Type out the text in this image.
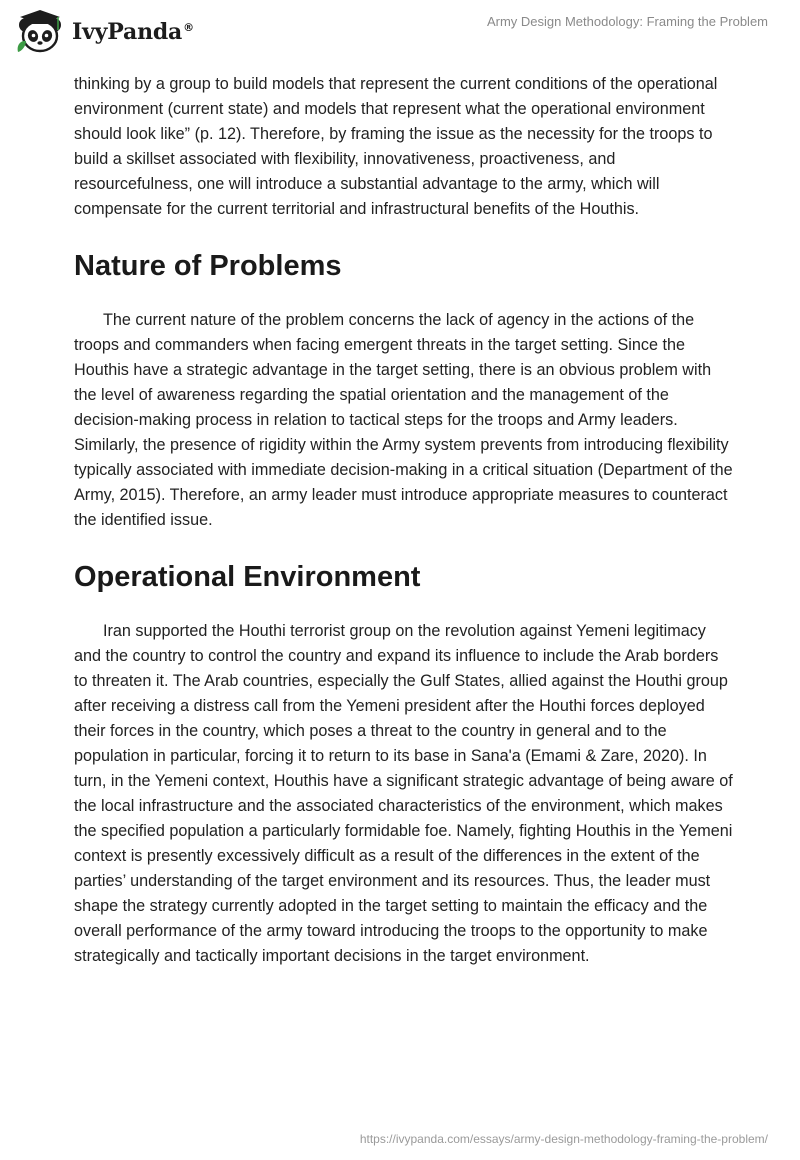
IvyPanda®	Army Design Methodology: Framing the Problem

thinking by a group to build models that represent the current conditions of the operational environment (current state) and models that represent what the operational environment should look like” (p. 12). Therefore, by framing the issue as the necessity for the troops to build a skillset associated with flexibility, innovativeness, proactiveness, and resourcefulness, one will introduce a substantial advantage to the army, which will compensate for the current territorial and infrastructural benefits of the Houthis.

Nature of Problems

The current nature of the problem concerns the lack of agency in the actions of the troops and commanders when facing emergent threats in the target setting. Since the Houthis have a strategic advantage in the target setting, there is an obvious problem with the level of awareness regarding the spatial orientation and the management of the decision-making process in relation to tactical steps for the troops and Army leaders. Similarly, the presence of rigidity within the Army system prevents from introducing flexibility typically associated with immediate decision-making in a critical situation (Department of the Army, 2015). Therefore, an army leader must introduce appropriate measures to counteract the identified issue.

Operational Environment

Iran supported the Houthi terrorist group on the revolution against Yemeni legitimacy and the country to control the country and expand its influence to include the Arab borders to threaten it. The Arab countries, especially the Gulf States, allied against the Houthi group after receiving a distress call from the Yemeni president after the Houthi forces deployed their forces in the country, which poses a threat to the country in general and to the population in particular, forcing it to return to its base in Sana'a (Emami & Zare, 2020). In turn, in the Yemeni context, Houthis have a significant strategic advantage of being aware of the local infrastructure and the associated characteristics of the environment, which makes the specified population a particularly formidable foe. Namely, fighting Houthis in the Yemeni context is presently excessively difficult as a result of the differences in the extent of the parties’ understanding of the target environment and its resources. Thus, the leader must shape the strategy currently adopted in the target setting to maintain the efficacy and the overall performance of the army toward introducing the troops to the opportunity to make strategically and tactically important decisions in the target environment.

https://ivypanda.com/essays/army-design-methodology-framing-the-problem/
